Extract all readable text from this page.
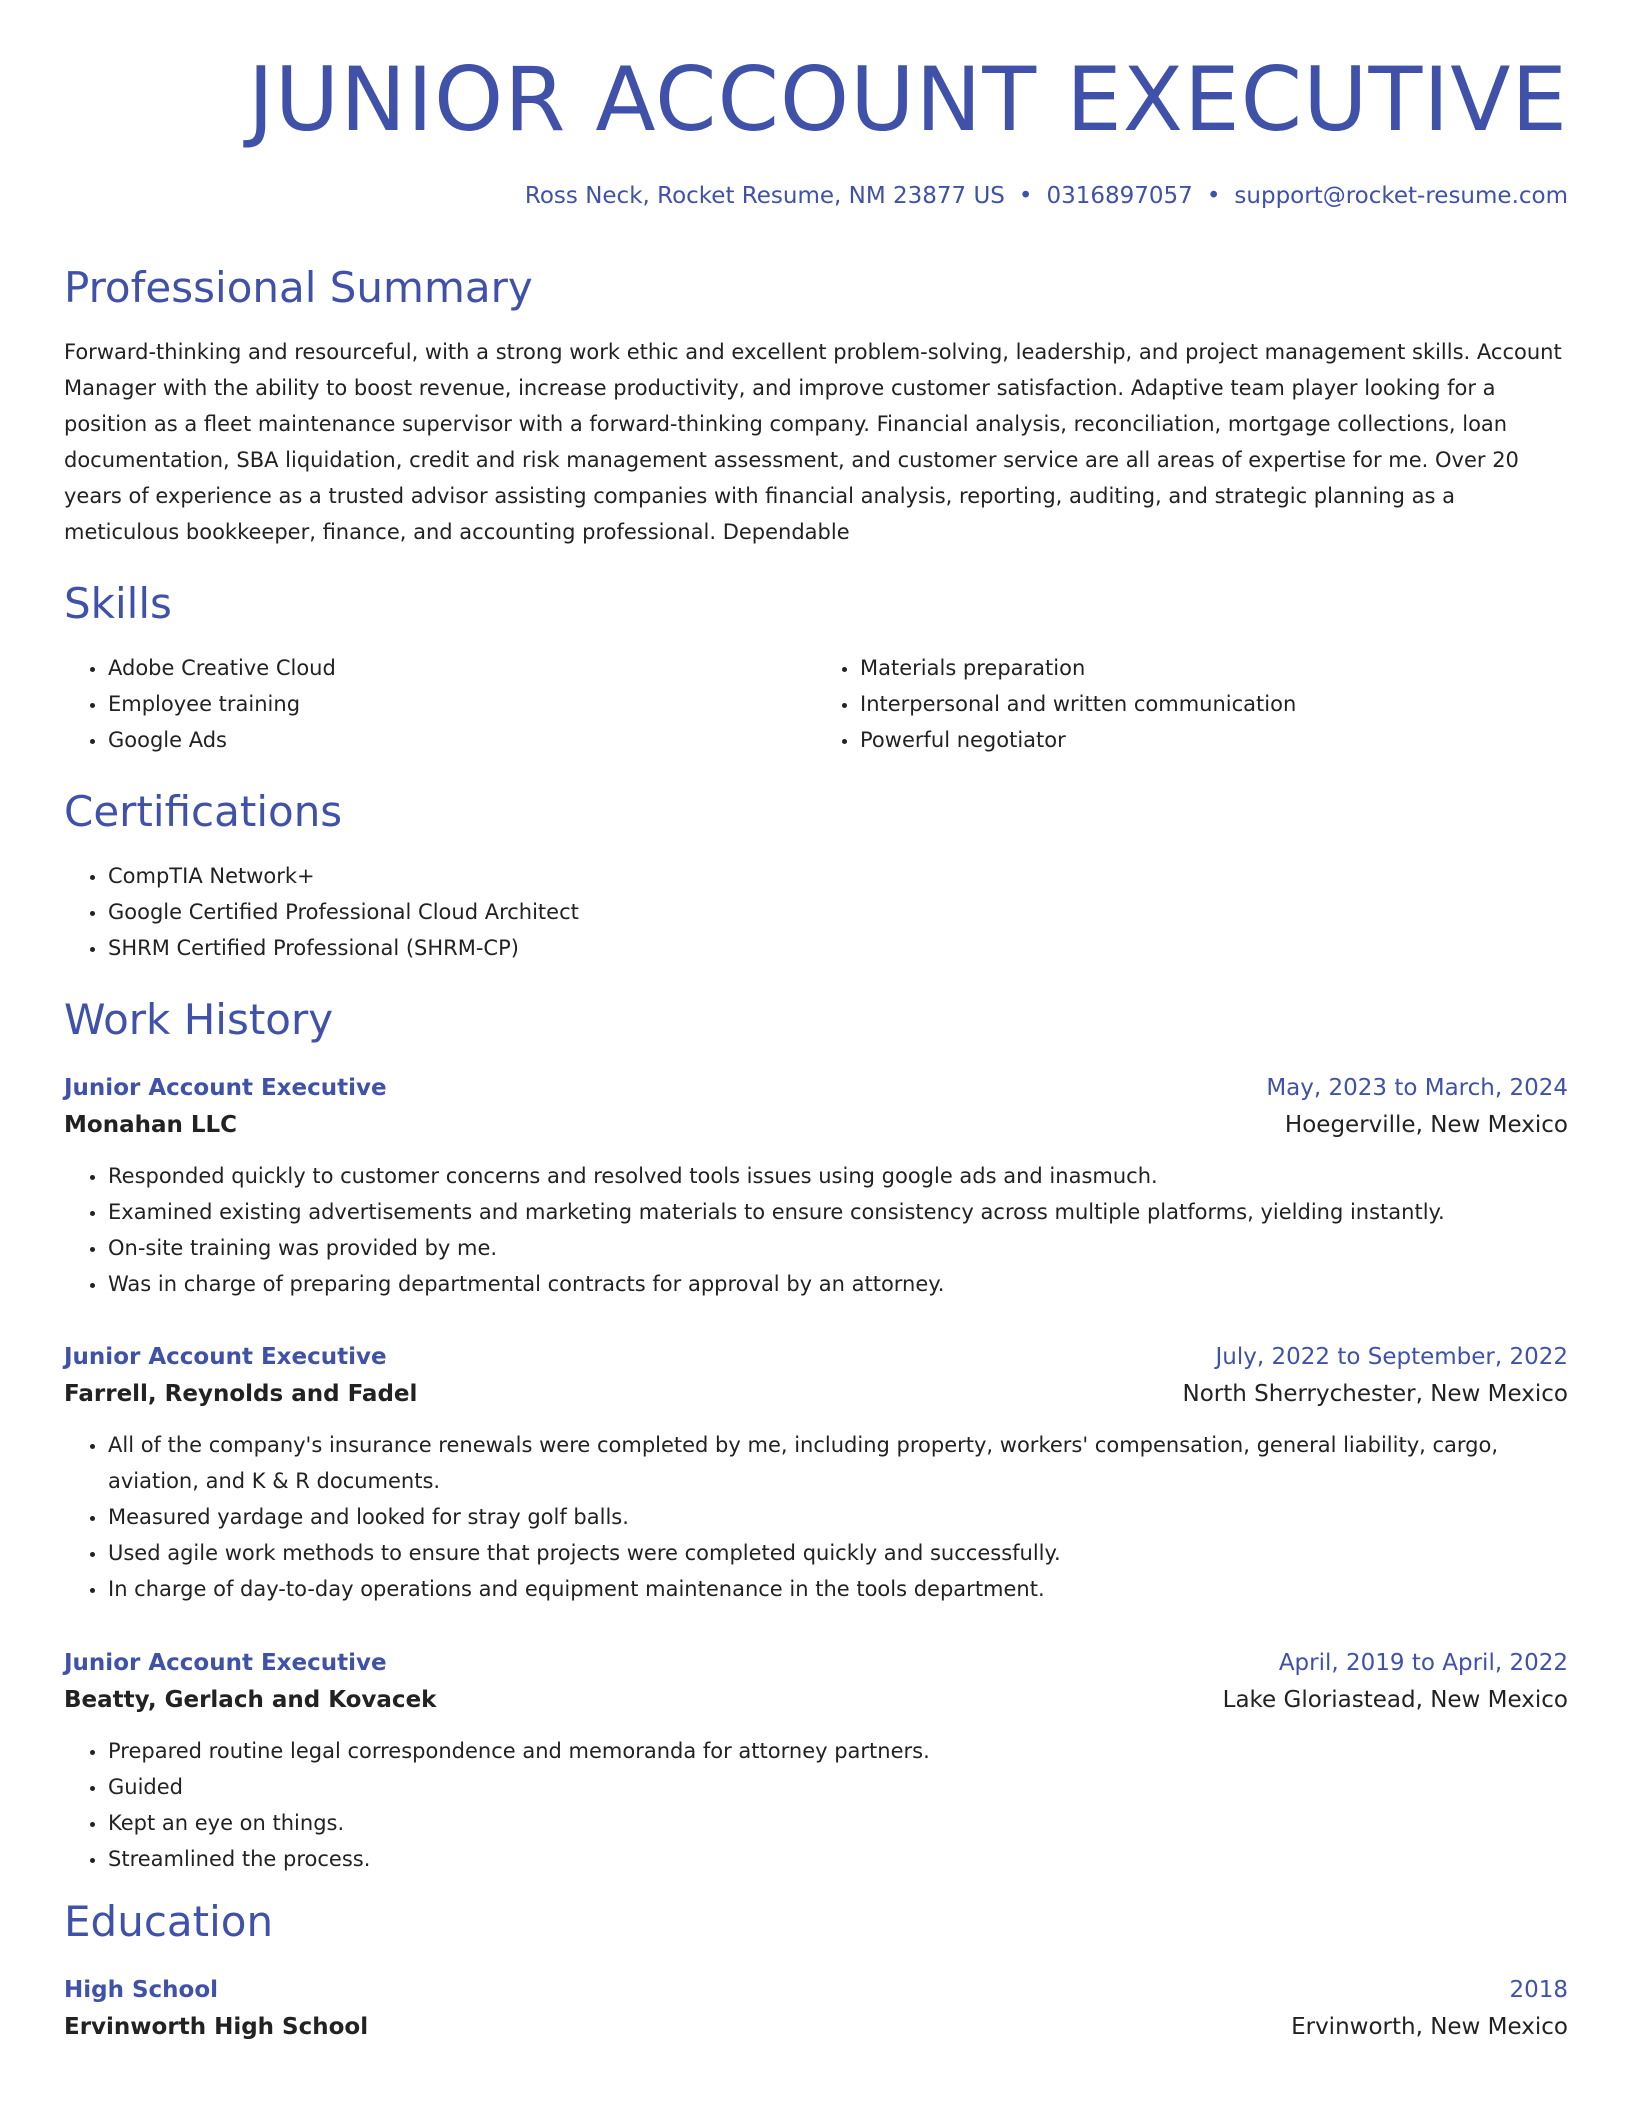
JUNIOR ACCOUNT EXECUTIVE
Ross Neck, Rocket Resume, NM 23877 US • 0316897057 • support@rocket-resume.com
Professional Summary

Forward-thinking and resourceful, with a strong work ethic and excellent problem-solving, leadership, and project management skills. Account Manager with the ability to boost revenue, increase productivity, and improve customer satisfaction. Adaptive team player looking for a position as a fleet maintenance supervisor with a forward-thinking company. Financial analysis, reconciliation, mortgage collections, loan documentation, SBA liquidation, credit and risk management assessment, and customer service are all areas of expertise for me. Over 20 years of experience as a trusted advisor assisting companies with financial analysis, reporting, auditing, and strategic planning as a meticulous bookkeeper, finance, and accounting professional. Dependable

Skills
• Adobe Creative Cloud
• Employee training
• Google Ads
• Materials preparation
• Interpersonal and written communication
• Powerful negotiator
Certifications
• CompTIA Network+
• Google Certified Professional Cloud Architect
• SHRM Certified Professional (SHRM-CP)
Work History
Junior Account Executive	May, 2023 to March, 2024
Monahan LLC	Hoegerville, New Mexico
• Responded quickly to customer concerns and resolved tools issues using google ads and inasmuch.
• Examined existing advertisements and marketing materials to ensure consistency across multiple platforms, yielding instantly.
• On-site training was provided by me.
• Was in charge of preparing departmental contracts for approval by an attorney.
Junior Account Executive	July, 2022 to September, 2022
Farrell, Reynolds and Fadel	North Sherrychester, New Mexico
• All of the company's insurance renewals were completed by me, including property, workers' compensation, general liability, cargo, aviation, and K & R documents.
• Measured yardage and looked for stray golf balls.
• Used agile work methods to ensure that projects were completed quickly and successfully.
• In charge of day-to-day operations and equipment maintenance in the tools department.
Junior Account Executive	April, 2019 to April, 2022
Beatty, Gerlach and Kovacek	Lake Gloriastead, New Mexico
• Prepared routine legal correspondence and memoranda for attorney partners.
• Guided
• Kept an eye on things.
• Streamlined the process.
Education
High School	2018
Ervinworth High School	Ervinworth, New Mexico
